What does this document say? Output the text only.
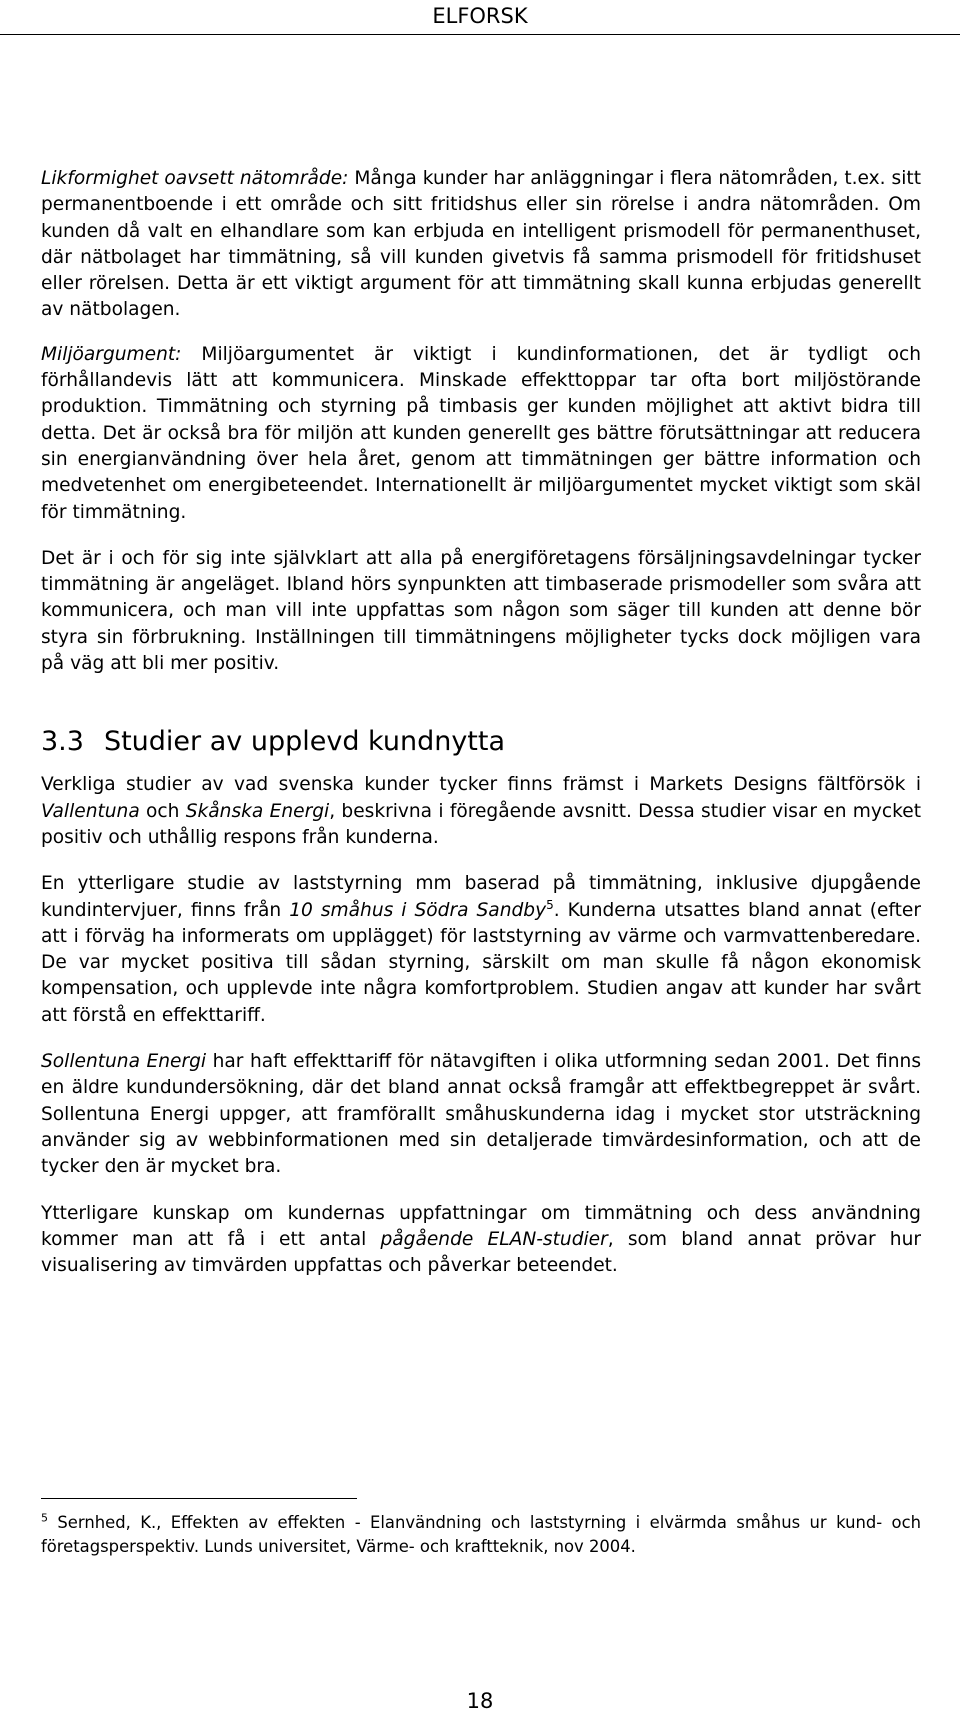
ELFORSK

Likformighet oavsett nätområde: Många kunder har anläggningar i flera nätområden, t.ex. sitt permanentboende i ett område och sitt fritidshus eller sin rörelse i andra nätområden. Om kunden då valt en elhandlare som kan erbjuda en intelligent prismodell för permanenthuset, där nätbolaget har timmätning, så vill kunden givetvis få samma prismodell för fritidshuset eller rörelsen. Detta är ett viktigt argument för att timmätning skall kunna erbjudas generellt av nätbolagen.

Miljöargument: Miljöargumentet är viktigt i kundinformationen, det är tydligt och förhållandevis lätt att kommunicera. Minskade effekttoppar tar ofta bort miljöstörande produktion. Timmätning och styrning på timbasis ger kunden möjlighet att aktivt bidra till detta. Det är också bra för miljön att kunden generellt ges bättre förutsättningar att reducera sin energianvändning över hela året, genom att timmätningen ger bättre information och medvetenhet om energibeteendet. Internationellt är miljöargumentet mycket viktigt som skäl för timmätning.

Det är i och för sig inte självklart att alla på energiföretagens försäljningsavdelningar tycker timmätning är angeläget. Ibland hörs synpunkten att timbaserade prismodeller som svåra att kommunicera, och man vill inte uppfattas som någon som säger till kunden att denne bör styra sin förbrukning. Inställningen till timmätningens möjligheter tycks dock möjligen vara på väg att bli mer positiv.

3.3 Studier av upplevd kundnytta

Verkliga studier av vad svenska kunder tycker finns främst i Markets Designs fältförsök i Vallentuna och Skånska Energi, beskrivna i föregående avsnitt. Dessa studier visar en mycket positiv och uthållig respons från kunderna.

En ytterligare studie av laststyrning mm baserad på timmätning, inklusive djupgående kundintervjuer, finns från 10 småhus i Södra Sandby$^5$. Kunderna utsattes bland annat (efter att i förväg ha informerats om upplägget) för laststyrning av värme och varmvattenberedare. De var mycket positiva till sådan styrning, särskilt om man skulle få någon ekonomisk kompensation, och upplevde inte några komfortproblem. Studien angav att kunder har svårt att förstå en effekttariff.

Sollentuna Energi har haft effekttariff för nätavgiften i olika utformning sedan 2001. Det finns en äldre kundundersökning, där det bland annat också framgår att effektbegreppet är svårt. Sollentuna Energi uppger, att framförallt småhuskunderna idag i mycket stor utsträckning använder sig av webbinformationen med sin detaljerade timvärdesinformation, och att de tycker den är mycket bra.

Ytterligare kunskap om kundernas uppfattningar om timmätning och dess användning kommer man att få i ett antal pågående ELAN-studier, som bland annat prövar hur visualisering av timvärden uppfattas och påverkar beteendet.

$^5$ Sernhed, K., Effekten av effekten - Elanvändning och laststyrning i elvärmda småhus ur kund- och företagsperspektiv. Lunds universitet, Värme- och kraftteknik, nov 2004.

18
